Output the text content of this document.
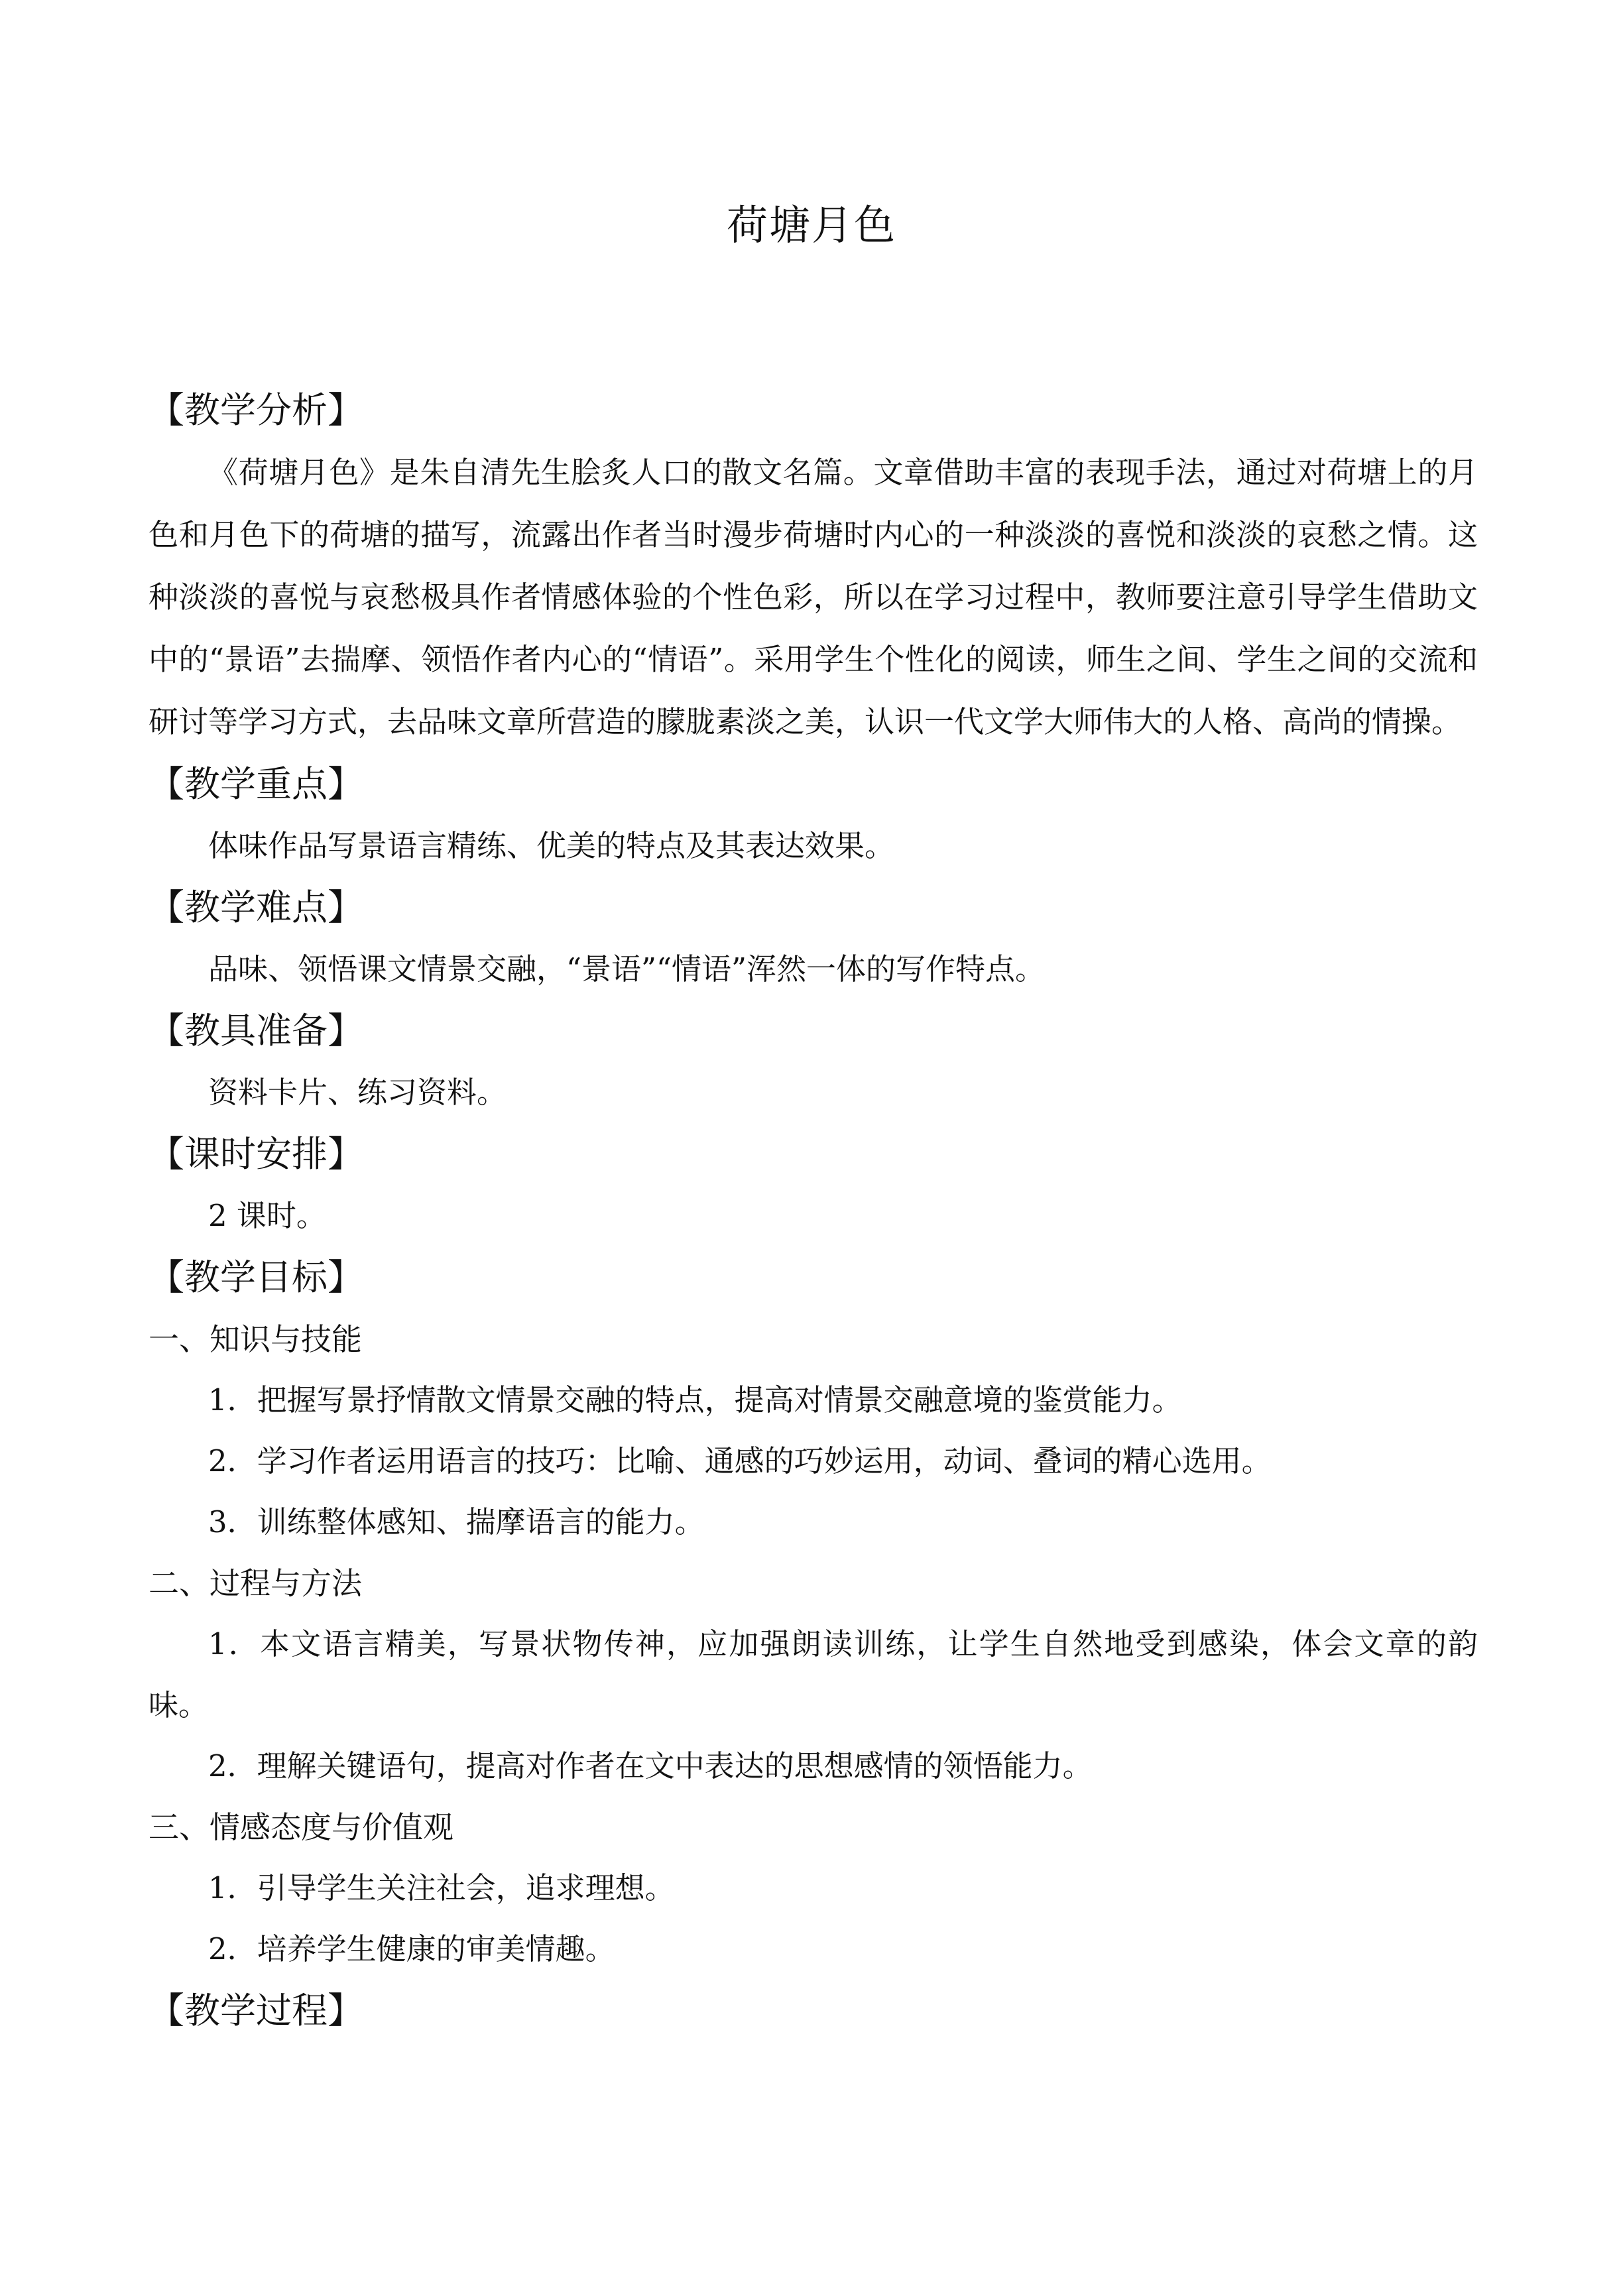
荷塘月色

【教学分析】

《荷塘月色》是朱自清先生脍炙人口的散文名篇。文章借助丰富的表现手法，通过对荷塘上的月色和月色下的荷塘的描写，流露出作者当时漫步荷塘时内心的一种淡淡的喜悦和淡淡的哀愁之情。这种淡淡的喜悦与哀愁极具作者情感体验的个性色彩，所以在学习过程中，教师要注意引导学生借助文中的“景语”去揣摩、领悟作者内心的“情语”。采用学生个性化的阅读，师生之间、学生之间的交流和研讨等学习方式，去品味文章所营造的朦胧素淡之美，认识一代文学大师伟大的人格、高尚的情操。

【教学重点】

体味作品写景语言精练、优美的特点及其表达效果。

【教学难点】

品味、领悟课文情景交融，“景语”“情语”浑然一体的写作特点。

【教具准备】

资料卡片、练习资料。

【课时安排】

2 课时。

【教学目标】

一、知识与技能

1．把握写景抒情散文情景交融的特点，提高对情景交融意境的鉴赏能力。

2．学习作者运用语言的技巧：比喻、通感的巧妙运用，动词、叠词的精心选用。

3．训练整体感知、揣摩语言的能力。

二、过程与方法

1．本文语言精美，写景状物传神，应加强朗读训练，让学生自然地受到感染，体会文章的韵味。

2．理解关键语句，提高对作者在文中表达的思想感情的领悟能力。

三、情感态度与价值观

1．引导学生关注社会，追求理想。

2．培养学生健康的审美情趣。

【教学过程】
